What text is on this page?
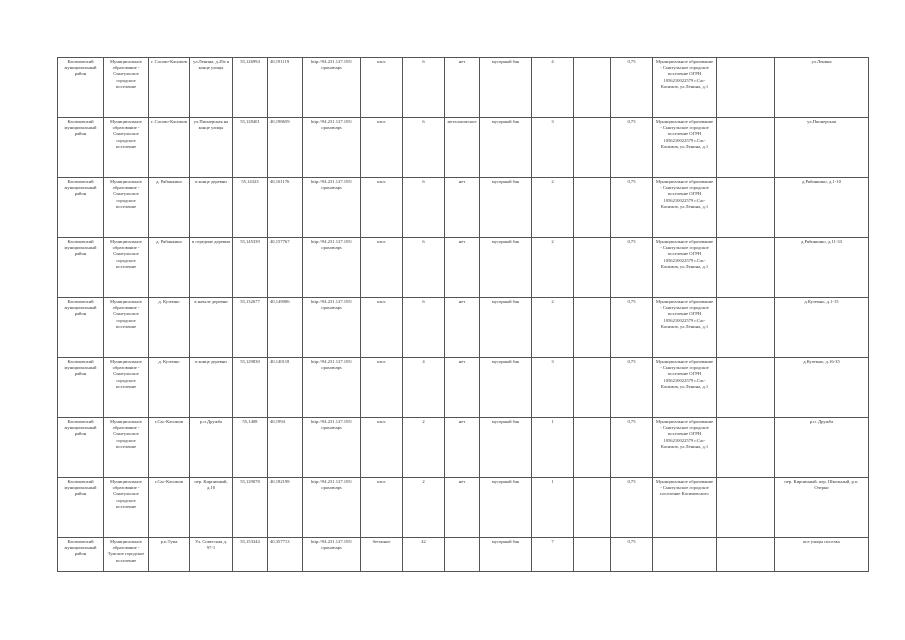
Касимовский муниципальный район	Муниципальное образование - Сынтульское городское поселение	г. Сасово-Касимов	ул.Ленина, д.29а в конце улицы	55,126994	40,191119	http://94.231.127.105/ораsоmарs	нзос	6	нет	мусорный бак	4		0,75	Муниципальное образование - Сынтульское городское поселение ОГРН 1056210022579 г.Сас-Касимов, ул.Ленина, д.1		ул.Ленина
Касимовский муниципальный район	Муниципальное образование - Сынтульское городское поселение	г. Сасово-Касимов	ул.Пионерская на конце улицы	55,128401	40,198659	http://94.231.127.105/ораsоmарs	нзос	6	металлическое	мусорный бак	3		0,75	Муниципальное образование - Сынтульское городское поселение ОГРН 1056210022579 г.Сас-Касимов, ул.Ленина, д.1		ул.Пионерская
Касимовский муниципальный район	Муниципальное образование - Сынтульское городское поселение	д. Рябинкино	в конце деревни	55,14323	40,161176	http://94.231.127.105/ораsоmарs	нзос	6	нет	мусорный бак	2		0,75	Муниципальное образование - Сынтульское городское поселение ОГРН 1056210022579 г.Сас-Касимов, ул.Ленина, д.1		д.Рябинкино, д.1-10
Касимовский муниципальный район	Муниципальное образование - Сынтульское городское поселение	д. Рябинкино	в середине деревни	55,145339	40,157767	http://94.231.127.105/ораsоmарs	нзос	6	нет	мусорный бак	2		0,75	Муниципальное образование - Сынтульское городское поселение ОГРН 1056210022579 г.Сас-Касимов, ул.Ленина, д.1		д.Рябинкино, д.11-33
Касимовский муниципальный район	Муниципальное образование - Сынтульское городское поселение	д. Куземно	в начале деревни	55,132677	40,149006	http://94.231.127.105/ораsоmарs	нзос	6	нет	мусорный бак	2		0,75	Муниципальное образование - Сынтульское городское поселение ОГРН 1056210022579 г.Сас-Касимов, ул.Ленина, д.1		д.Куземно, д.1-15
Касимовский муниципальный район	Муниципальное образование - Сынтульское городское поселение	д. Куземно	в конце деревни	55,129830	40,140118	http://94.231.127.105/ораsоmарs	нзос	4	нет	мусорный бак	3		0,75	Муниципальное образование - Сынтульское городское поселение ОГРН 1056210022579 г.Сас-Касимов, ул.Ленина, д.1		д.Куземно, д.16-35
Касимовский муниципальный район	Муниципальное образование - Сынтульское городское поселение	г.Сас-Касимов	р.п.Дружба	55,1408	40,1994	http://94.231.127.105/ораsоmарs	нзос	2	нет	мусорный бак	1		0,75	Муниципальное образование - Сынтульское городское поселение ОГРН 1056210022579 г.Сас-Касимов, ул.Ленина, д.1		р.п. Дружба
Касимовский муниципальный район	Муниципальное образование - Сынтульское городское поселение	г.Сас-Касимов	пер. Кирпичный, д.10	55,129078	40,182198	http://94.231.127.105/ораsоmарs	нзос	2	нет	мусорный бак	1		0,75	Муниципальное образование - Сынтульское городское поселение Касимовского		пер. Кирпичный, пер. Школьный, р.п. Озерки
Касимовский муниципальный район	Муниципальное образование - Тумское городское поселение	р.п.Тума	Ул. Советская д. 97-1	55,153344	40,357713	http://94.231.127.105/ораsоmарs	бетонное	42		мусорный бак	7		0,75			все улицы поселка
